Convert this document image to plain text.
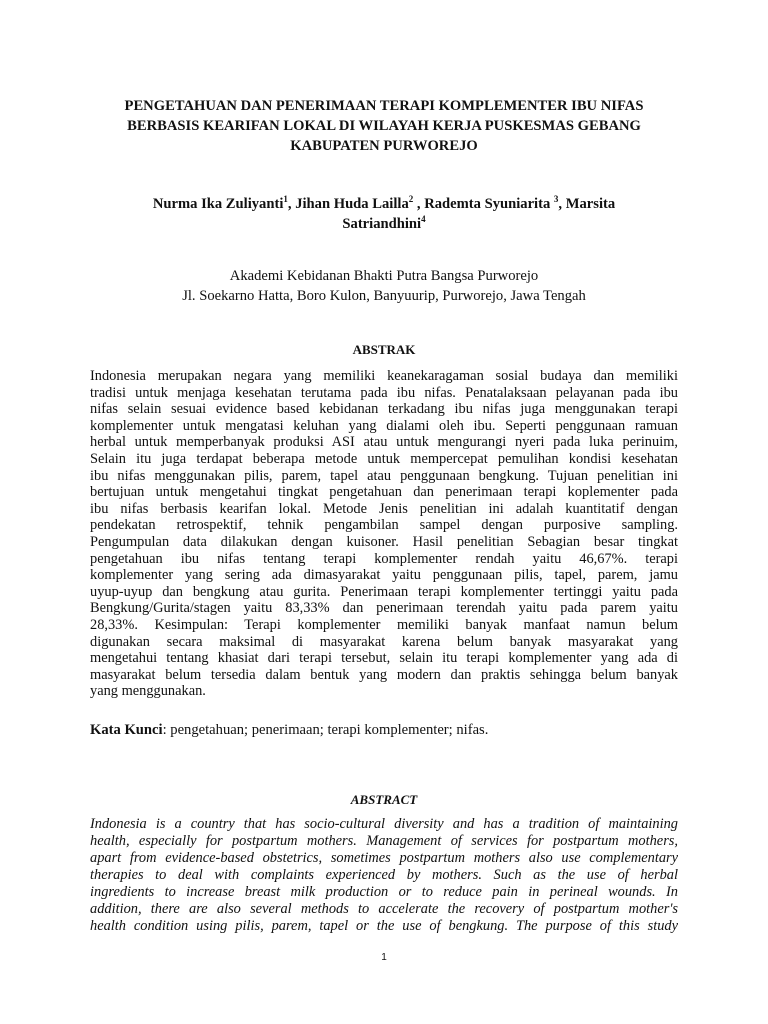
PENGETAHUAN DAN PENERIMAAN TERAPI KOMPLEMENTER IBU NIFAS
BERBASIS KEARIFAN LOKAL DI WILAYAH KERJA PUSKESMAS GEBANG
KABUPATEN PURWOREJO
Nurma Ika Zuliyanti$^1$, Jihan Huda Lailla$^2$ , Rademta Syuniarita $^3$, Marsita
Satriandhini$^4$
Akademi Kebidanan Bhakti Putra Bangsa Purworejo
Jl. Soekarno Hatta, Boro Kulon, Banyuurip, Purworejo, Jawa Tengah
ABSTRAK
Indonesia merupakan negara yang memiliki keanekaragaman sosial budaya dan memiliki
tradisi untuk menjaga kesehatan terutama pada ibu nifas. Penatalaksaan pelayanan pada ibu
nifas selain sesuai evidence based kebidanan terkadang ibu nifas juga menggunakan terapi
komplementer untuk mengatasi keluhan yang dialami oleh ibu. Seperti penggunaan ramuan
herbal untuk memperbanyak produksi ASI atau untuk mengurangi nyeri pada luka perinuim,
Selain itu juga terdapat beberapa metode untuk mempercepat pemulihan kondisi kesehatan
ibu nifas menggunakan pilis, parem, tapel atau penggunaan bengkung. Tujuan penelitian ini
bertujuan untuk mengetahui tingkat pengetahuan dan penerimaan terapi koplementer pada
ibu nifas berbasis kearifan lokal. Metode Jenis penelitian ini adalah kuantitatif dengan
pendekatan retrospektif, tehnik pengambilan sampel dengan purposive sampling.
Pengumpulan data dilakukan dengan kuisoner. Hasil penelitian Sebagian besar tingkat
pengetahuan ibu nifas tentang terapi komplementer rendah yaitu 46,67%. terapi
komplementer yang sering ada dimasyarakat yaitu penggunaan pilis, tapel, parem, jamu
uyup-uyup dan bengkung atau gurita. Penerimaan terapi komplementer tertinggi yaitu pada
Bengkung/Gurita/stagen yaitu 83,33% dan penerimaan terendah yaitu pada parem yaitu
28,33%. Kesimpulan: Terapi komplementer memiliki banyak manfaat namun belum
digunakan secara maksimal di masyarakat karena belum banyak masyarakat yang
mengetahui tentang khasiat dari terapi tersebut, selain itu terapi komplementer yang ada di
masyarakat belum tersedia dalam bentuk yang modern dan praktis sehingga belum banyak
yang menggunakan.
Kata Kunci: pengetahuan; penerimaan; terapi komplementer; nifas.
ABSTRACT
Indonesia is a country that has socio-cultural diversity and has a tradition of maintaining
health, especially for postpartum mothers. Management of services for postpartum mothers,
apart from evidence-based obstetrics, sometimes postpartum mothers also use complementary
therapies to deal with complaints experienced by mothers. Such as the use of herbal
ingredients to increase breast milk production or to reduce pain in perineal wounds. In
addition, there are also several methods to accelerate the recovery of postpartum mother's
health condition using pilis, parem, tapel or the use of bengkung. The purpose of this study
1
